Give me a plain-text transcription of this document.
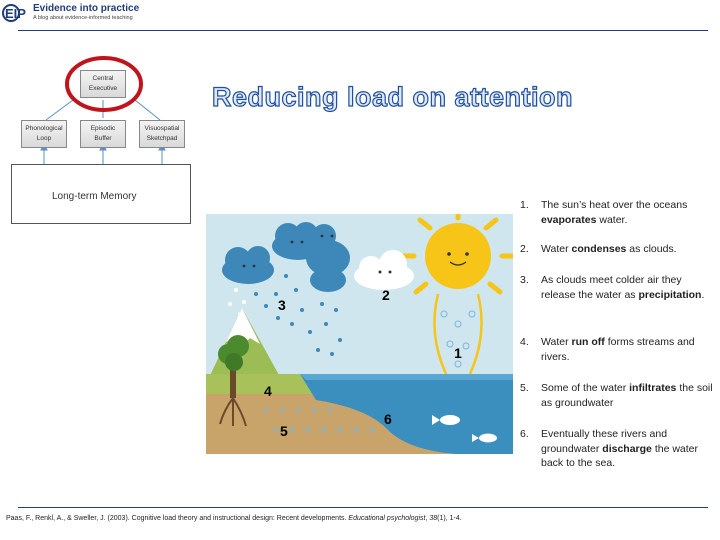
EIP Evidence into practice
A blog about evidence-informed teaching
Central
Executive
Phonological
Loop
Episodic
Buffer
Visuospatial
Sketchpad
Long-term Memory
Reducing load on attention
1
2
3
4
5
6
1.	The sun’s heat over the oceans evaporates water.
2.	Water condenses as clouds.
3.	As clouds meet colder air they release the water as precipitation.
4.	Water run off forms streams and rivers.
5.	Some of the water infiltrates the soil as groundwater
6.	Eventually these rivers and groundwater discharge the water back to the sea.
Paas, F., Renkl, A., & Sweller, J. (2003). Cognitive load theory and instructional design: Recent developments. Educational psychologist, 38(1), 1-4.
